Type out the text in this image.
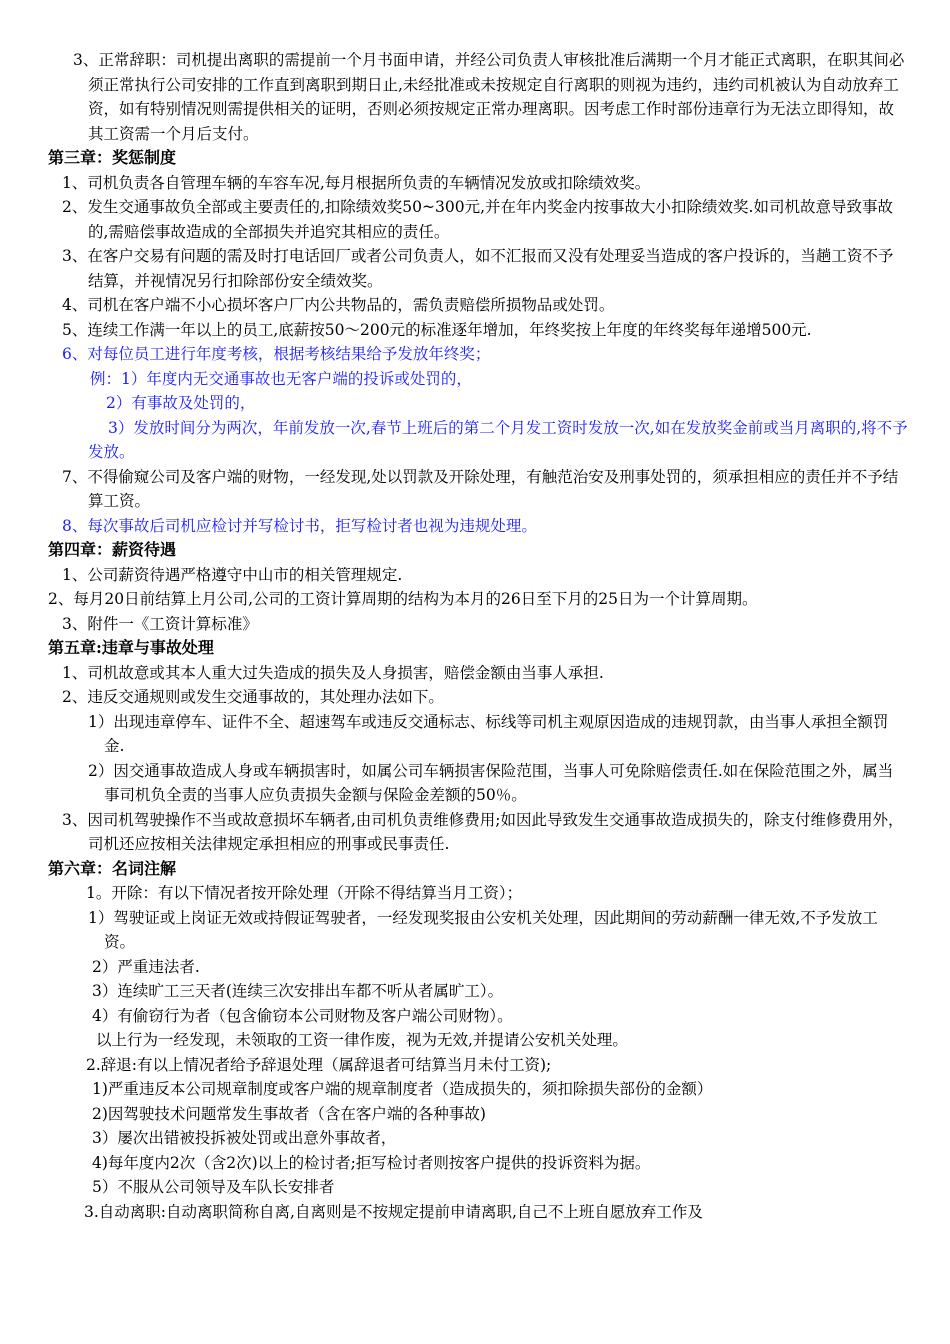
3、正常辞职：司机提出离职的需提前一个月书面申请，并经公司负责人审核批准后满期一个月才能正式离职，在职其间必须正常执行公司安排的工作直到离职到期日止,未经批准或未按规定自行离职的则视为违约，违约司机被认为自动放弃工资，如有特别情况则需提供相关的证明，否则必须按规定正常办理离职。因考虑工作时部份违章行为无法立即得知，故其工资需一个月后支付。

第三章：奖惩制度

1、司机负责各自管理车辆的车容车况,每月根据所负责的车辆情况发放或扣除绩效奖。

2、发生交通事故负全部或主要责任的,扣除绩效奖50~300元,并在年内奖金内按事故大小扣除绩效奖.如司机故意导致事故的,需赔偿事故造成的全部损失并追究其相应的责任。

3、在客户交易有问题的需及时打电话回厂或者公司负责人，如不汇报而又没有处理妥当造成的客户投诉的，当趟工资不予结算，并视情况另行扣除部份安全绩效奖。

4、司机在客户端不小心损坏客户厂内公共物品的，需负责赔偿所损物品或处罚。

5、连续工作满一年以上的员工,底薪按50～200元的标准逐年增加，年终奖按上年度的年终奖每年递增500元.

6、对每位员工进行年度考核，根据考核结果给予发放年终奖；

例：1）年度内无交通事故也无客户端的投诉或处罚的，

2）有事故及处罚的，

3）发放时间分为两次，年前发放一次,春节上班后的第二个月发工资时发放一次,如在发放奖金前或当月离职的,将不予发放。

7、不得偷窥公司及客户端的财物，一经发现,处以罚款及开除处理，有触范治安及刑事处罚的，须承担相应的责任并不予结算工资。

8、每次事故后司机应检讨并写检讨书，拒写检讨者也视为违规处理。

第四章：薪资待遇

1、公司薪资待遇严格遵守中山市的相关管理规定.

2、每月20日前结算上月公司,公司的工资计算周期的结构为本月的26日至下月的25日为一个计算周期。

3、附件一《工资计算标准》

第五章:违章与事故处理

1、司机故意或其本人重大过失造成的损失及人身损害，赔偿金额由当事人承担.

2、违反交通规则或发生交通事故的，其处理办法如下。

1）出现违章停车、证件不全、超速驾车或违反交通标志、标线等司机主观原因造成的违规罚款，由当事人承担全额罚金.

2）因交通事故造成人身或车辆损害时，如属公司车辆损害保险范围，当事人可免除赔偿责任.如在保险范围之外，属当事司机负全责的当事人应负责损失金额与保险金差额的50％。

3、因司机驾驶操作不当或故意损坏车辆者,由司机负责维修费用;如因此导致发生交通事故造成损失的，除支付维修费用外，司机还应按相关法律规定承担相应的刑事或民事责任.

第六章：名词注解

1。开除：有以下情况者按开除处理（开除不得结算当月工资）；

1）驾驶证或上岗证无效或持假证驾驶者，一经发现奖报由公安机关处理，因此期间的劳动薪酬一律无效,不予发放工资。

2）严重违法者.

3）连续旷工三天者(连续三次安排出车都不听从者属旷工）。

4）有偷窃行为者（包含偷窃本公司财物及客户端公司财物）。

以上行为一经发现，未领取的工资一律作废，视为无效,并提请公安机关处理。

2.辞退:有以上情况者给予辞退处理（属辞退者可结算当月未付工资);

1)严重违反本公司规章制度或客户端的规章制度者（造成损失的，须扣除损失部份的金额）

2)因驾驶技术问题常发生事故者（含在客户端的各种事故)

3）屡次出错被投拆被处罚或出意外事故者，

4)每年度内2次（含2次)以上的检讨者;拒写检讨者则按客户提供的投诉资料为据。

5）不服从公司领导及车队长安排者

3.自动离职:自动离职简称自离,自离则是不按规定提前申请离职,自己不上班自愿放弃工作及
